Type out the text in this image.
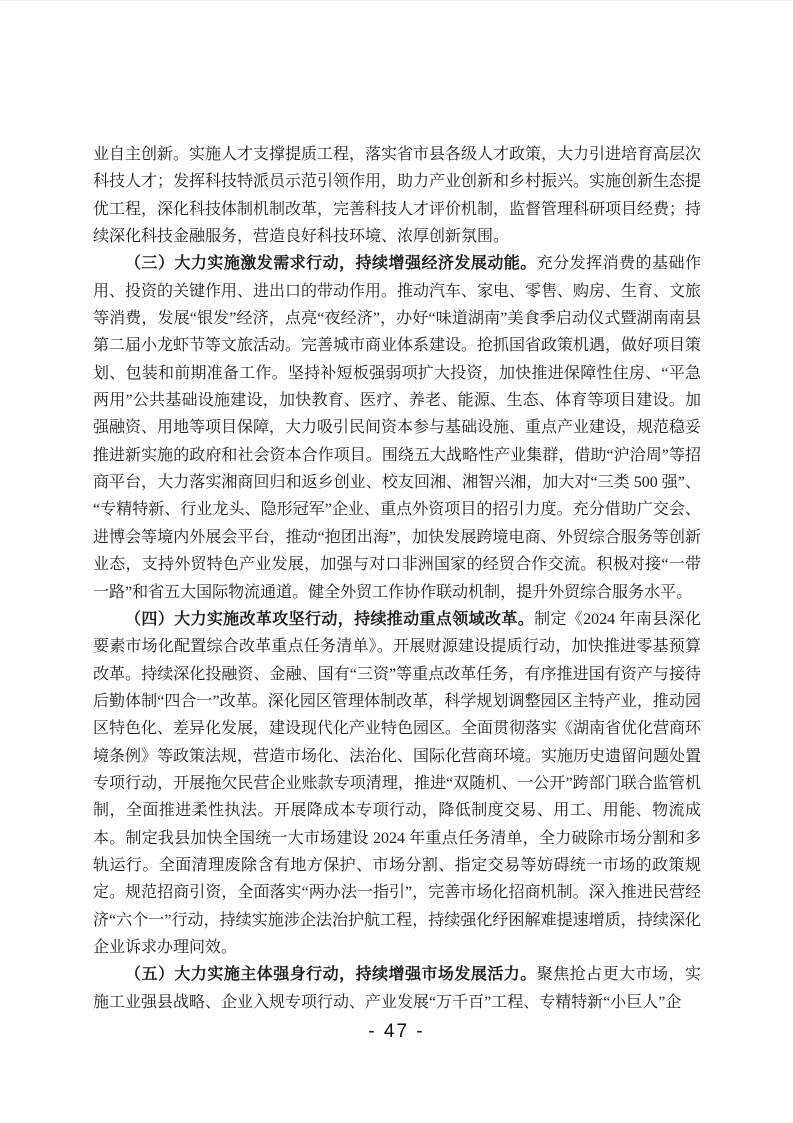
业自主创新。实施人才支撑提质工程，落实省市县各级人才政策，大力引进培育高层次科技人才；发挥科技特派员示范引领作用，助力产业创新和乡村振兴。实施创新生态提优工程，深化科技体制机制改革，完善科技人才评价机制，监督管理科研项目经费；持续深化科技金融服务，营造良好科技环境、浓厚创新氛围。

（三）大力实施激发需求行动，持续增强经济发展动能。充分发挥消费的基础作用、投资的关键作用、进出口的带动作用。推动汽车、家电、零售、购房、生育、文旅等消费，发展“银发”经济，点亮“夜经济”，办好“味道湖南”美食季启动仪式暨湖南南县第二届小龙虾节等文旅活动。完善城市商业体系建设。抢抓国省政策机遇，做好项目策划、包装和前期准备工作。坚持补短板强弱项扩大投资，加快推进保障性住房、“平急两用”公共基础设施建设，加快教育、医疗、养老、能源、生态、体育等项目建设。加强融资、用地等项目保障，大力吸引民间资本参与基础设施、重点产业建设，规范稳妥推进新实施的政府和社会资本合作项目。围绕五大战略性产业集群，借助“沪洽周”等招商平台，大力落实湘商回归和返乡创业、校友回湘、湘智兴湘，加大对“三类 500 强”、“专精特新、行业龙头、隐形冠军”企业、重点外资项目的招引力度。充分借助广交会、进博会等境内外展会平台，推动“抱团出海”，加快发展跨境电商、外贸综合服务等创新业态，支持外贸特色产业发展，加强与对口非洲国家的经贸合作交流。积极对接“一带一路”和省五大国际物流通道。健全外贸工作协作联动机制，提升外贸综合服务水平。

（四）大力实施改革攻坚行动，持续推动重点领域改革。制定《2024 年南县深化要素市场化配置综合改革重点任务清单》。开展财源建设提质行动，加快推进零基预算改革。持续深化投融资、金融、国有“三资”等重点改革任务，有序推进国有资产与接待后勤体制“四合一”改革。深化园区管理体制改革，科学规划调整园区主特产业，推动园区特色化、差异化发展，建设现代化产业特色园区。全面贯彻落实《湖南省优化营商环境条例》等政策法规，营造市场化、法治化、国际化营商环境。实施历史遗留问题处置专项行动，开展拖欠民营企业账款专项清理，推进“双随机、一公开”跨部门联合监管机制，全面推进柔性执法。开展降成本专项行动，降低制度交易、用工、用能、物流成本。制定我县加快全国统一大市场建设 2024 年重点任务清单，全力破除市场分割和多轨运行。全面清理废除含有地方保护、市场分割、指定交易等妨碍统一市场的政策规定。规范招商引资，全面落实“两办法一指引”，完善市场化招商机制。深入推进民营经济“六个一”行动，持续实施涉企法治护航工程，持续强化纾困解难提速增质，持续深化企业诉求办理问效。

（五）大力实施主体强身行动，持续增强市场发展活力。聚焦抢占更大市场，实施工业强县战略、企业入规专项行动、产业发展“万千百”工程、专精特新“小巨人”企

- 47 -
